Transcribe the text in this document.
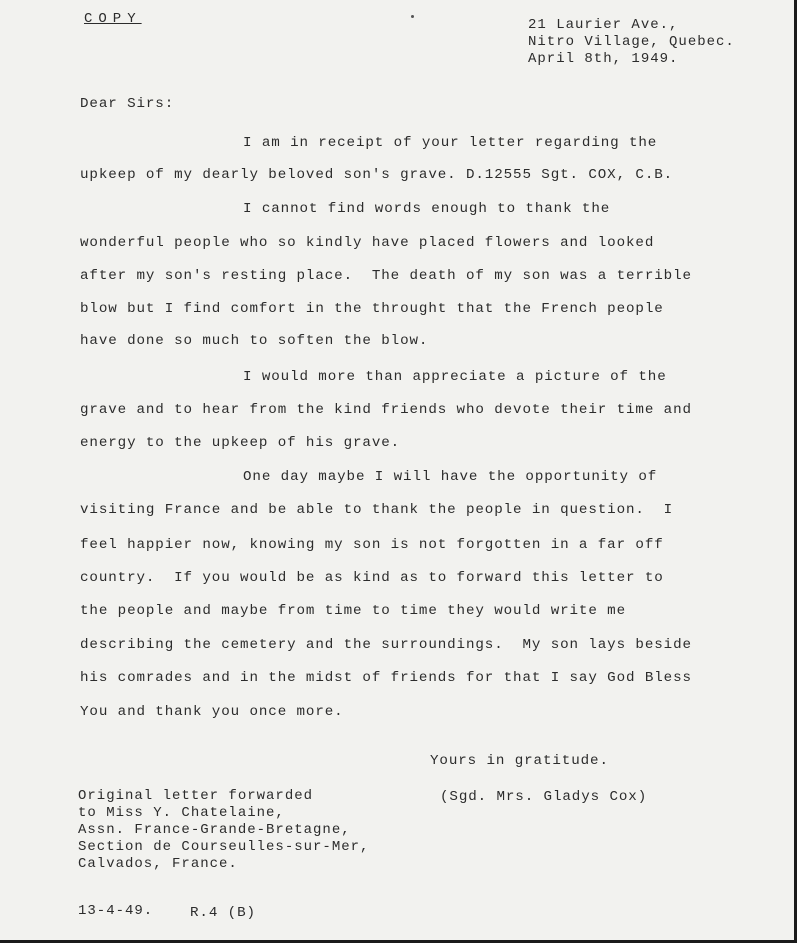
COPY	21 Laurier Ave.,
Nitro Village, Quebec.
April 8th, 1949.
Dear Sirs:
I am in receipt of your letter regarding the
upkeep of my dearly beloved son's grave. D.12555 Sgt. COX, C.B.
I cannot find words enough to thank the
wonderful people who so kindly have placed flowers and looked
after my son's resting place.  The death of my son was a terrible
blow but I find comfort in the throught that the French people
have done so much to soften the blow.
I would more than appreciate a picture of the
grave and to hear from the kind friends who devote their time and
energy to the upkeep of his grave.
One day maybe I will have the opportunity of
visiting France and be able to thank the people in question.  I
feel happier now, knowing my son is not forgotten in a far off
country.  If you would be as kind as to forward this letter to
the people and maybe from time to time they would write me
describing the cemetery and the surroundings.  My son lays beside
his comrades and in the midst of friends for that I say God Bless
You and thank you once more.
Yours in gratitude.
Original letter forwarded	(Sgd. Mrs. Gladys Cox)
to Miss Y. Chatelaine,
Assn. France-Grande-Bretagne,
Section de Courseulles-sur-Mer,
Calvados, France.
13-4-49.	R.4 (B)
